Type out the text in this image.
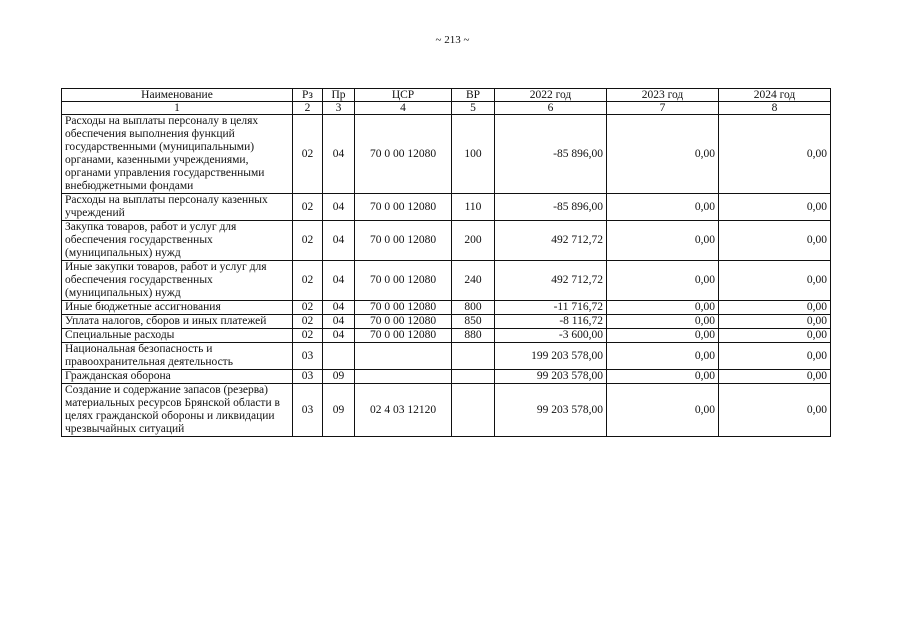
~ 213 ~
Наименование	Рз	Пр	ЦСР	ВР	2022 год	2023 год	2024 год
1	2	3	4	5	6	7	8
Расходы на выплаты персоналу в целях обеспечения выполнения функций государственными (муниципальными) органами, казенными учреждениями, органами управления государственными внебюджетными фондами	02	04	70 0 00 12080	100	-85 896,00	0,00	0,00
Расходы на выплаты персоналу казенных учреждений	02	04	70 0 00 12080	110	-85 896,00	0,00	0,00
Закупка товаров, работ и услуг для обеспечения государственных (муниципальных) нужд	02	04	70 0 00 12080	200	492 712,72	0,00	0,00
Иные закупки товаров, работ и услуг для обеспечения государственных (муниципальных) нужд	02	04	70 0 00 12080	240	492 712,72	0,00	0,00
Иные бюджетные ассигнования	02	04	70 0 00 12080	800	-11 716,72	0,00	0,00
Уплата налогов, сборов и иных платежей	02	04	70 0 00 12080	850	-8 116,72	0,00	0,00
Специальные расходы	02	04	70 0 00 12080	880	-3 600,00	0,00	0,00
Национальная безопасность и правоохранительная деятельность	03				199 203 578,00	0,00	0,00
Гражданская оборона	03	09			99 203 578,00	0,00	0,00
Создание и содержание запасов (резерва) материальных ресурсов Брянской области в целях гражданской обороны и ликвидации чрезвычайных ситуаций	03	09	02 4 03 12120		99 203 578,00	0,00	0,00
